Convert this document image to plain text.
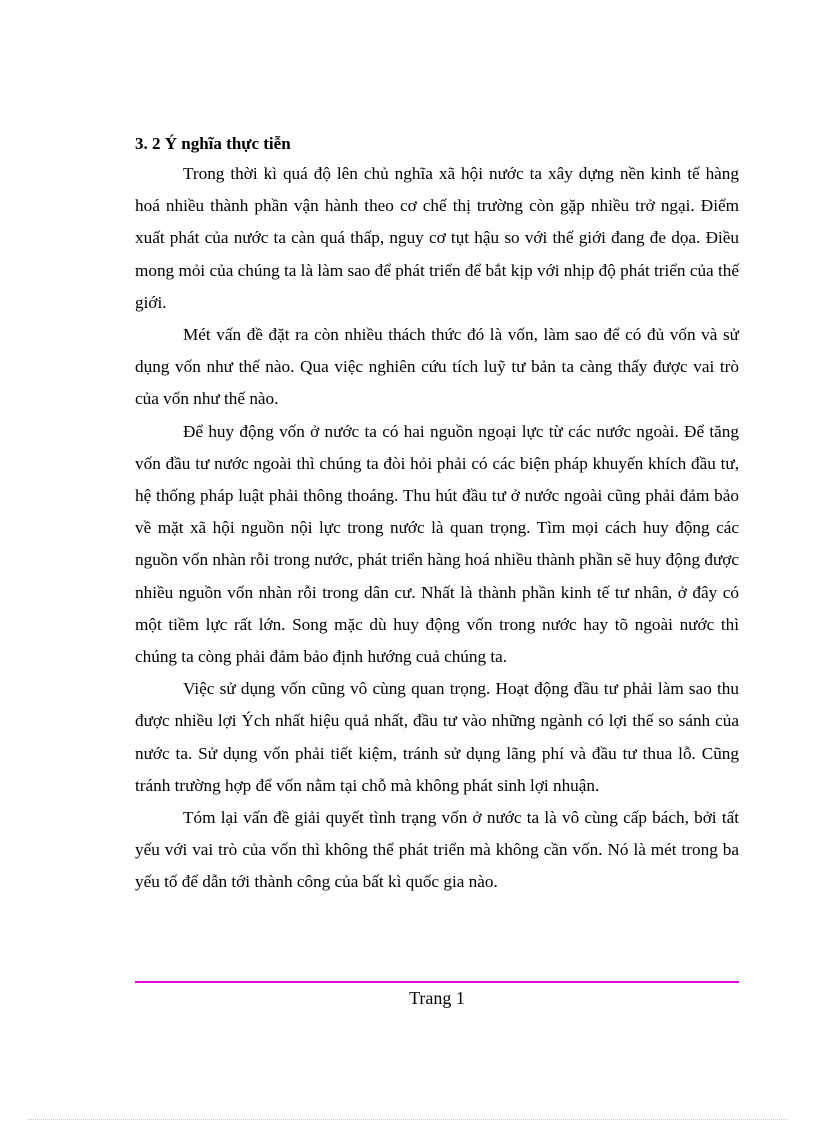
3. 2 Ý nghĩa thực tiễn

Trong thời kì quá độ lên chủ nghĩa xã hội nước ta xây dựng nền kinh tế hàng hoá nhiều thành phần vận hành theo cơ chế thị trường còn gặp nhiều trở ngại. Điểm xuất phát của nước ta càn quá thấp, nguy cơ tụt hậu so với thế giới đang đe dọa. Điều mong mỏi của chúng ta là làm sao để phát triển để bắt kịp với nhịp độ phát triển của thế giới.

Mét vấn đề đặt ra còn nhiều thách thức đó là vốn, làm sao để có đủ vốn và sử dụng vốn như thế nào. Qua việc nghiên cứu tích luỹ tư bản ta càng thấy được vai trò của vốn như thế nào.

Để huy động vốn ở nước ta có hai nguồn ngoại lực từ các nước ngoài. Để tăng vốn đầu tư nước ngoài thì chúng ta đòi hỏi phải có các biện pháp khuyến khích đầu tư, hệ thống pháp luật phải thông thoáng. Thu hút đầu tư ở nước ngoài cũng phải đảm bảo về mặt xã hội nguồn nội lực trong nước là quan trọng. Tìm mọi cách huy động các nguồn vốn nhàn rỗi trong nước, phát triển hàng hoá nhiều thành phần sẽ huy động được nhiều nguồn vốn nhàn rỗi trong dân cư. Nhất là thành phần kinh tế tư nhân, ở đây có một tiềm lực rất lớn. Song mặc dù huy động vốn trong nước hay tõ ngoài nước thì chúng ta còng phải đảm bảo định hướng cuả chúng ta.

Việc sử dụng vốn cũng vô cùng quan trọng. Hoạt động đầu tư phải làm sao thu được nhiều lợi Ých nhất hiệu quả nhất, đầu tư vào những ngành có lợi thế so sánh của nước ta. Sử dụng vốn phải tiết kiệm, tránh sử dụng lãng phí và đầu tư thua lỗ. Cũng tránh trường hợp để vốn nằm tại chỗ mà không phát sinh lợi nhuận.

Tóm lại vấn đề giải quyết tình trạng vốn ở nước ta là vô cùng cấp bách, bởi tất yếu với vai trò của vốn thì không thể phát triển mà không cần vốn. Nó là mét trong ba yếu tố để dẫn tới thành công của bất kì quốc gia nào.

Trang 1
